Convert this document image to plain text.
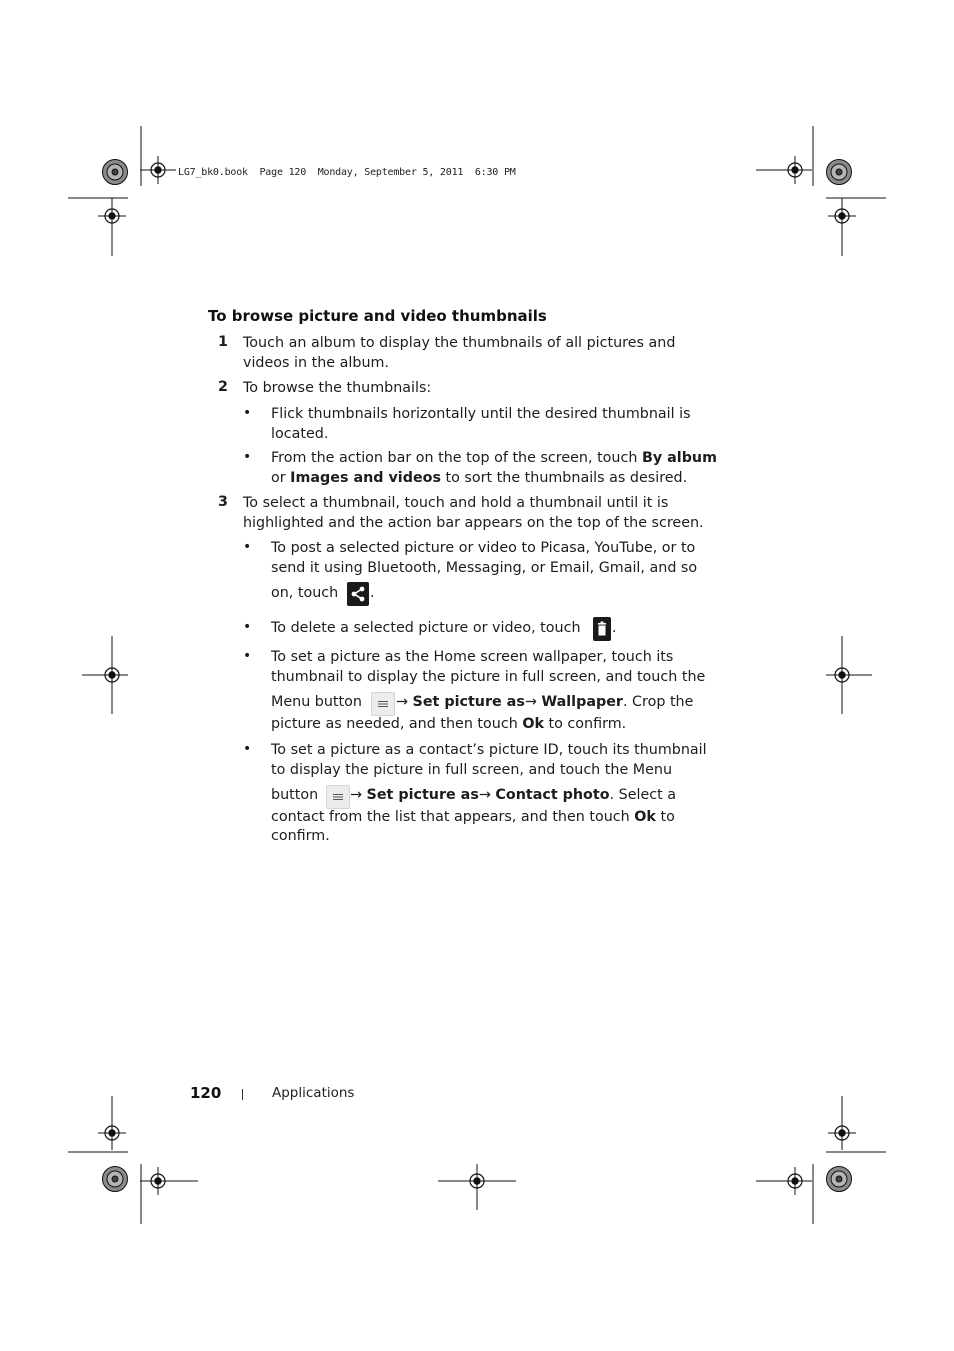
LG7_bk0.book  Page 120  Monday, September 5, 2011  6:30 PM
To browse picture and video thumbnails
1 Touch an album to display the thumbnails of all pictures and videos in the album.
2 To browse the thumbnails:
• Flick thumbnails horizontally until the desired thumbnail is located.
• From the action bar on the top of the screen, touch By album or Images and videos to sort the thumbnails as desired.
3 To select a thumbnail, touch and hold a thumbnail until it is highlighted and the action bar appears on the top of the screen.
• To post a selected picture or video to Picasa, YouTube, or to send it using Bluetooth, Messaging, or Email, Gmail, and so
on, touch .
• To delete a selected picture or video, touch .
• To set a picture as the Home screen wallpaper, touch its thumbnail to display the picture in full screen, and touch the
Menu button → Set picture as→ Wallpaper. Crop the
picture as needed, and then touch Ok to confirm.
• To set a picture as a contact’s picture ID, touch its thumbnail to display the picture in full screen, and touch the Menu
button → Set picture as→ Contact photo. Select a
contact from the list that appears, and then touch Ok to
confirm.
120	Applications
